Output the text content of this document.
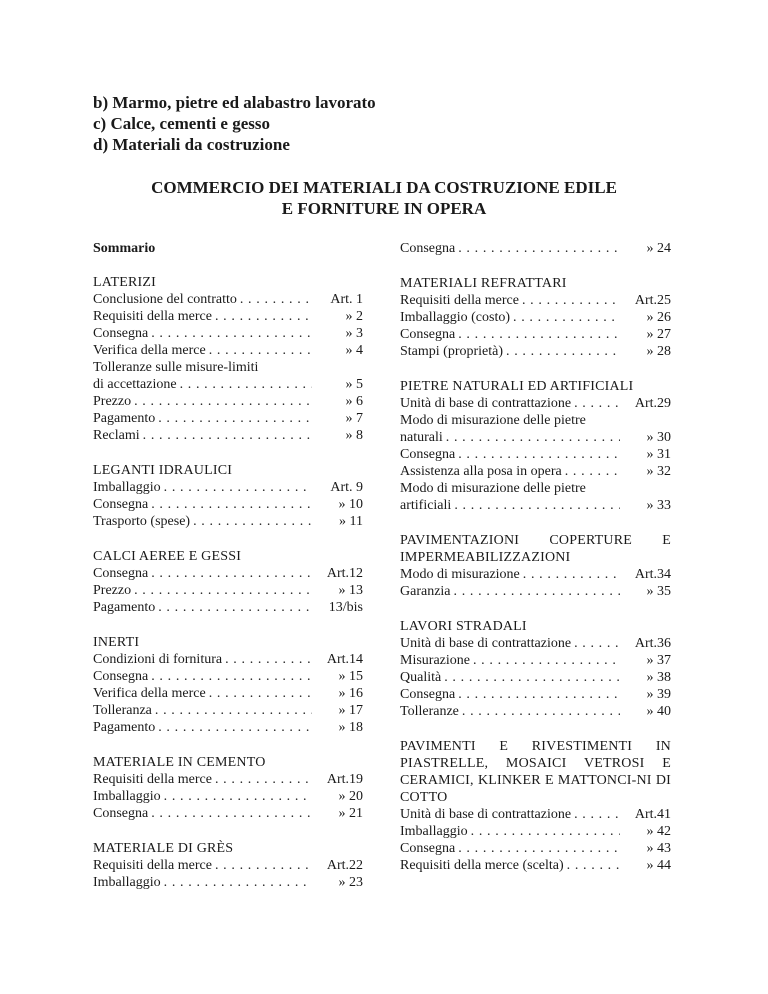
b) Marmo, pietre ed alabastro lavorato
c) Calce, cementi e gesso
d) Materiali da costruzione
COMMERCIO DEI MATERIALI DA COSTRUZIONE EDILE
E FORNITURE IN OPERA
Sommario
LATERIZI
Conclusione del contratto . . .	Art. 1
Requisiti della merce . . .	» 2
Consegna . . .	» 3
Verifica della merce . . .	» 4
Tolleranze sulle misure-limiti
di accettazione . . .	» 5
Prezzo . . .	» 6
Pagamento . . .	» 7
Reclami . . .	» 8
LEGANTI IDRAULICI
Imballaggio . . .	Art. 9
Consegna . . .	» 10
Trasporto (spese) . . .	» 11
CALCI AEREE E GESSI
Consegna . . .	Art.12
Prezzo . . .	» 13
Pagamento . . .	13/bis
INERTI
Condizioni di fornitura . . .	Art.14
Consegna . . .	» 15
Verifica della merce . . .	» 16
Tolleranza . . .	» 17
Pagamento . . .	» 18
MATERIALE IN CEMENTO
Requisiti della merce . . .	Art.19
Imballaggio . . .	» 20
Consegna . . .	» 21
MATERIALE DI GRÈS
Requisiti della merce . . .	Art.22
Imballaggio . . .	» 23
Consegna . . .	» 24
MATERIALI REFRATTARI
Requisiti della merce . . .	Art.25
Imballaggio (costo) . . .	» 26
Consegna . . .	» 27
Stampi (proprietà) . . .	» 28
PIETRE NATURALI ED ARTIFICIALI
Unità di base di contrattazione . . .	Art.29
Modo di misurazione delle pietre
naturali . . .	» 30
Consegna . . .	» 31
Assistenza alla posa in opera . . .	» 32
Modo di misurazione delle pietre
artificiali . . .	» 33
PAVIMENTAZIONI COPERTURE E IMPERMEABILIZZAZIONI
Modo di misurazione . . .	Art.34
Garanzia . . .	» 35
LAVORI STRADALI
Unità di base di contrattazione . . .	Art.36
Misurazione . . .	» 37
Qualità . . .	» 38
Consegna . . .	» 39
Tolleranze . . .	» 40
PAVIMENTI E RIVESTIMENTI IN PIASTRELLE, MOSAICI VETROSI E CERAMICI, KLINKER E MATTONCI-NI DI COTTO
Unità di base di contrattazione . . .	Art.41
Imballaggio . . .	» 42
Consegna . . .	» 43
Requisiti della merce (scelta) . . .	» 44
